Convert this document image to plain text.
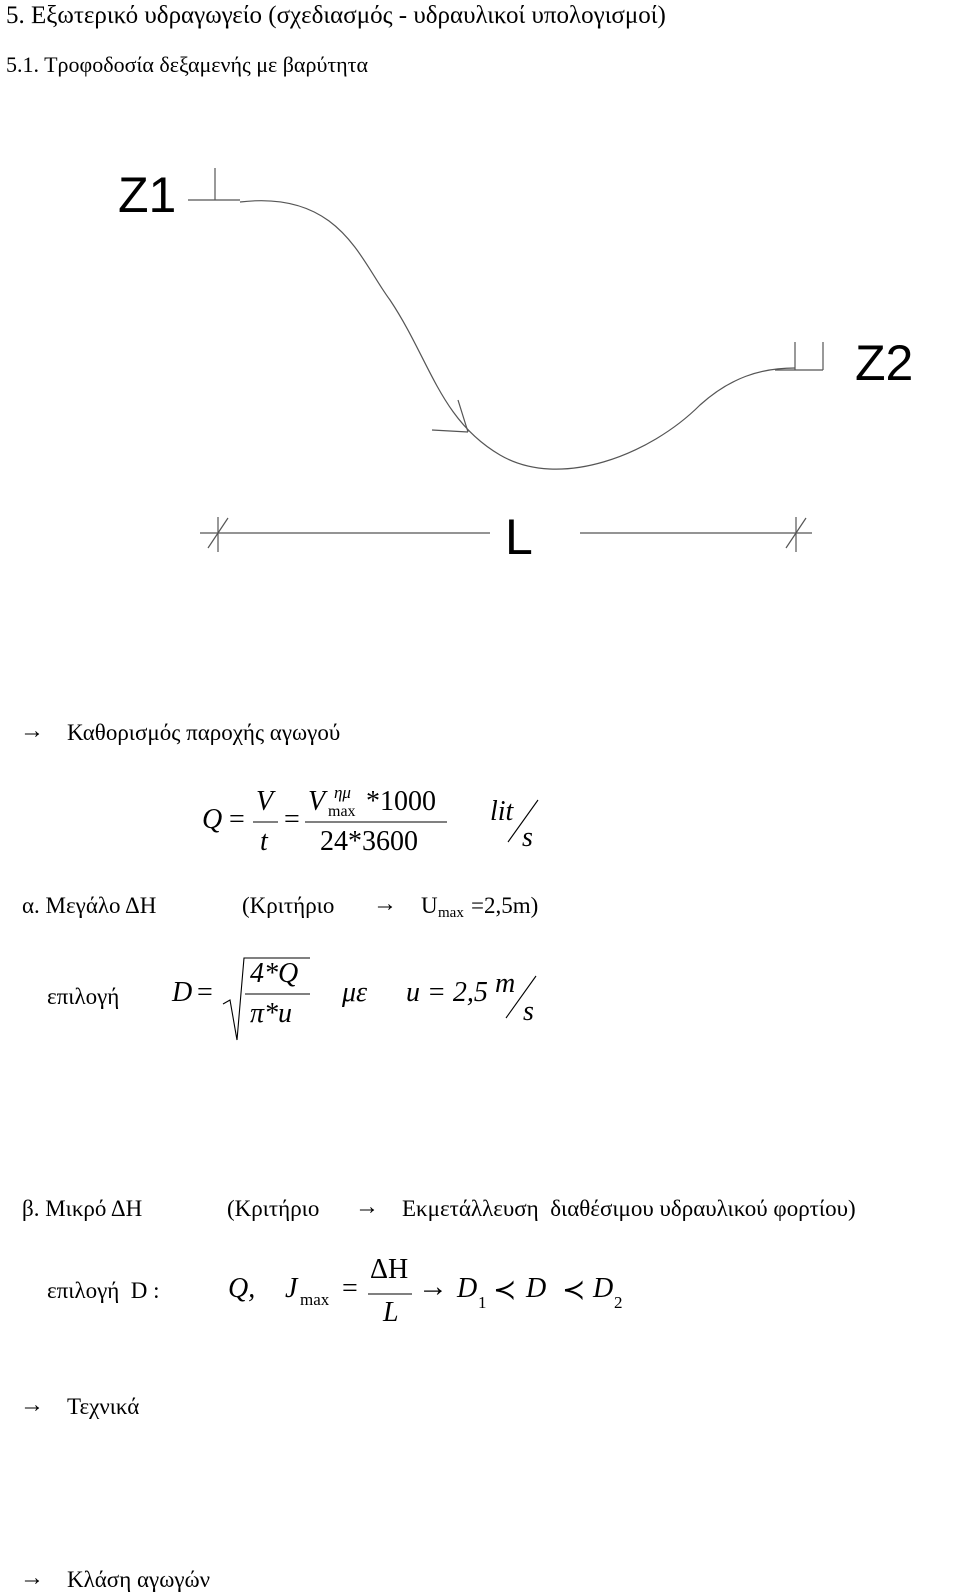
5. Εξωτερικό υδραγωγείο (σχεδιασμός - υδραυλικοί υπολογισμοί)
5.1. Τροφοδοσία δεξαμενής με βαρύτητα
Z1
Z2
L
→ Καθορισμός παροχής αγωγού
Q =
V
t
=
V ημ
max *1000
24*3600
lit
s
α. Μεγάλο ΔH	(Κριτήριο → U max =2,5m)
επιλογή D =
4*Q
π*u
με u = 2,5 m
s
β. Μικρό ΔH	(Κριτήριο → Εκμετάλλευση  διαθέσιμου υδραυλικού φορτίου)
επιλογή  D : Q, J max =
ΔH
L
→ D 1 ≺ D ≺ D 2
→ Τεχνικά
→ Κλάση αγωγών
